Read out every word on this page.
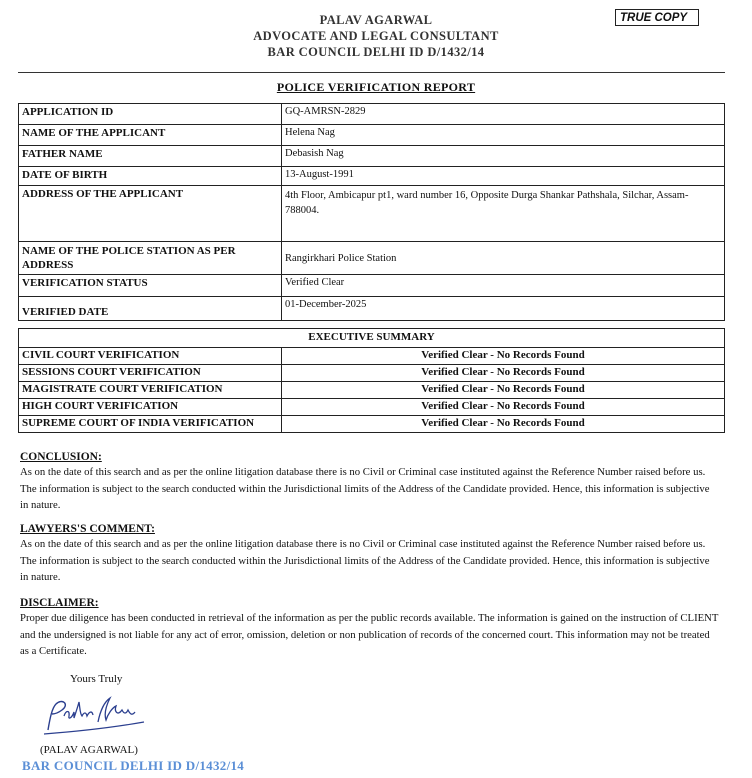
PALAV AGARWAL
ADVOCATE AND LEGAL CONSULTANT
BAR COUNCIL DELHI ID D/1432/14
TRUE COPY
POLICE VERIFICATION REPORT
APPLICATION ID	GQ-AMRSN-2829
NAME OF THE APPLICANT	Helena Nag
FATHER NAME	Debasish Nag
DATE OF BIRTH	13-August-1991
ADDRESS OF THE APPLICANT	4th Floor, Ambicapur pt1, ward number 16, Opposite Durga Shankar Pathshala, Silchar, Assam-788004.
NAME OF THE POLICE STATION AS PER ADDRESS	Rangirkhari Police Station
VERIFICATION STATUS	Verified Clear
VERIFIED DATE	01-December-2025
EXECUTIVE SUMMARY	
CIVIL COURT VERIFICATION	Verified Clear - No Records Found
SESSIONS COURT VERIFICATION	Verified Clear - No Records Found
MAGISTRATE COURT VERIFICATION	Verified Clear - No Records Found
HIGH COURT VERIFICATION	Verified Clear - No Records Found
SUPREME COURT OF INDIA VERIFICATION	Verified Clear - No Records Found
CONCLUSION:
As on the date of this search and as per the online litigation database there is no Civil or Criminal case instituted against the Reference Number raised before us. The information is subject to the search conducted within the Jurisdictional limits of the Address of the Candidate provided. Hence, this information is subjective in nature.
LAWYERS'S COMMENT:
As on the date of this search and as per the online litigation database there is no Civil or Criminal case instituted against the Reference Number raised before us. The information is subject to the search conducted within the Jurisdictional limits of the Address of the Candidate provided. Hence, this information is subjective in nature.
DISCLAIMER:
Proper due diligence has been conducted in retrieval of the information as per the public records available. The information is gained on the instruction of CLIENT and the undersigned is not liable for any act of error, omission, deletion or non publication of records of the concerned court. This information may not be treated as a Certificate.
Yours Truly
(PALAV AGARWAL)
BAR COUNCIL DELHI ID D/1432/14
